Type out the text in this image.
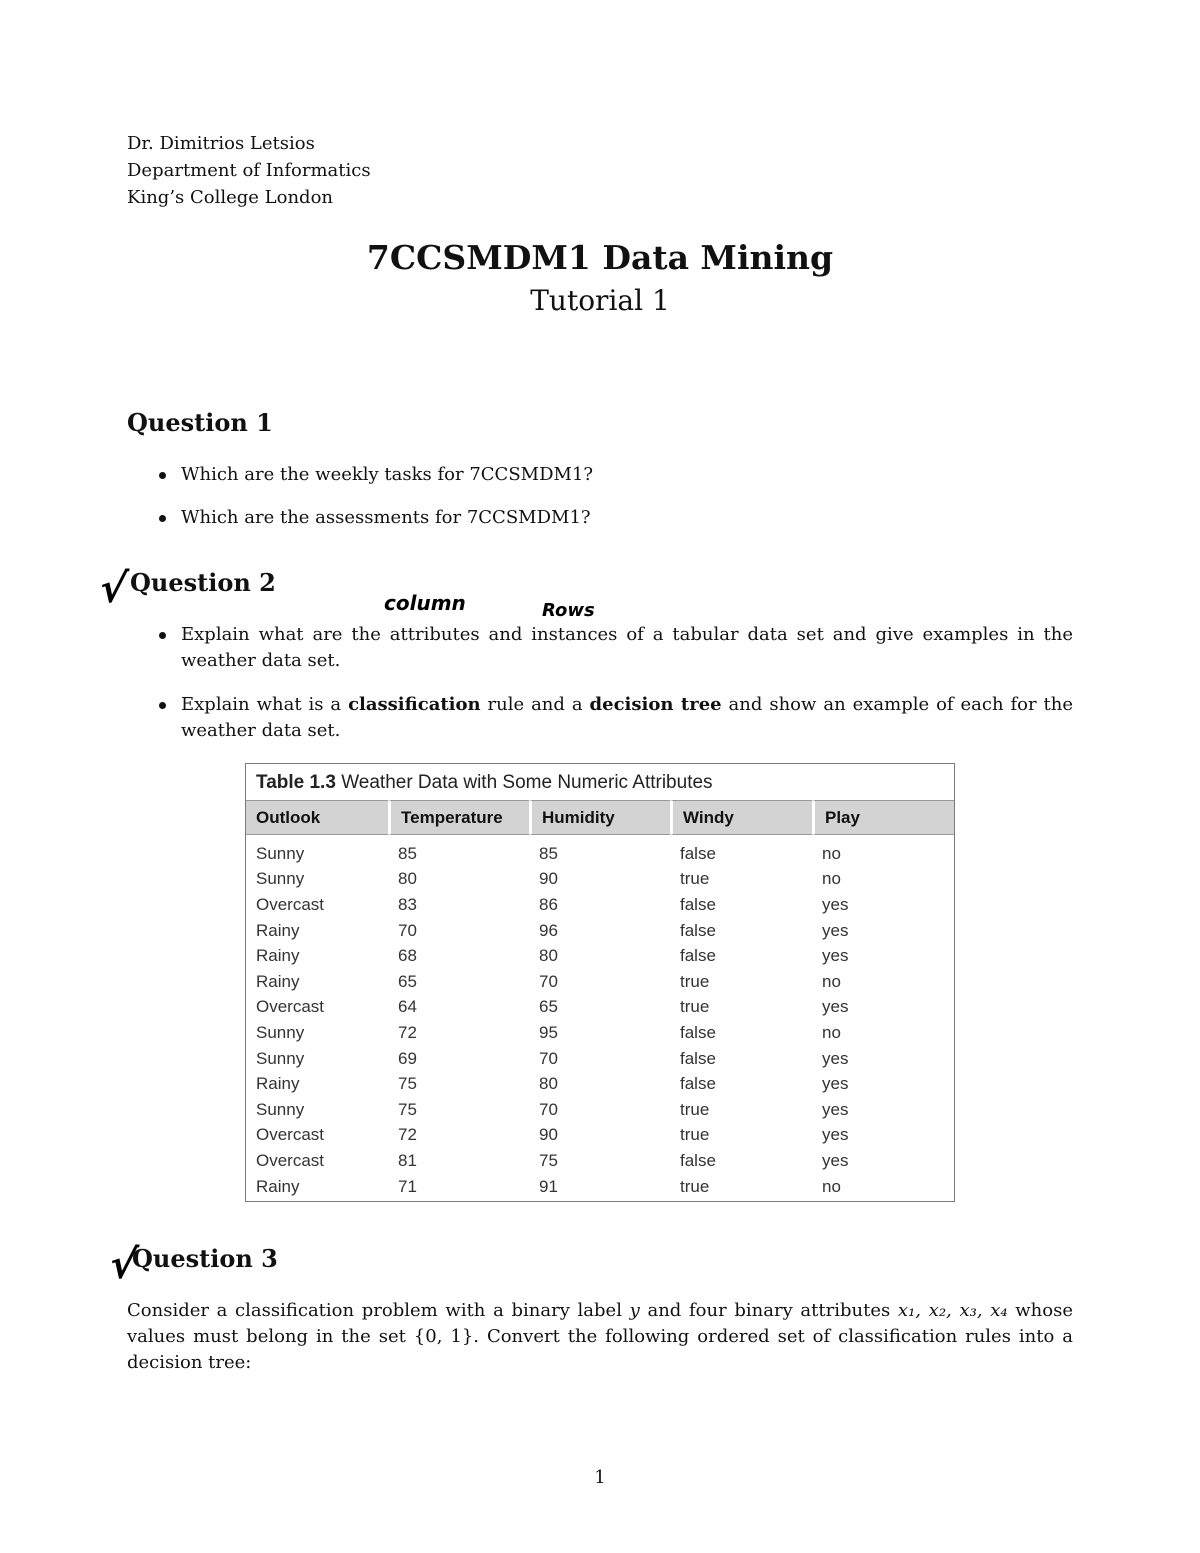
Dr. Dimitrios Letsios
Department of Informatics
King’s College London
7CCSMDM1 Data Mining
Tutorial 1
Question 1
Which are the weekly tasks for 7CCSMDM1?
Which are the assessments for 7CCSMDM1?
√ Question 2
column	Rows
Explain what are the attributes and instances of a tabular data set and give examples in the weather data set.
Explain what is a classification rule and a decision tree and show an example of each for the weather data set.
Table 1.3 Weather Data with Some Numeric Attributes
Outlook	Temperature	Humidity	Windy	Play
Sunny	85	85	false	no
Sunny	80	90	true	no
Overcast	83	86	false	yes
Rainy	70	96	false	yes
Rainy	68	80	false	yes
Rainy	65	70	true	no
Overcast	64	65	true	yes
Sunny	72	95	false	no
Sunny	69	70	false	yes
Rainy	75	80	false	yes
Sunny	75	70	true	yes
Overcast	72	90	true	yes
Overcast	81	75	false	yes
Rainy	71	91	true	no
√
Question 3
Consider a classification problem with a binary label y and four binary attributes x₁, x₂, x₃, x₄ whose values must belong in the set {0, 1}. Convert the following ordered set of classification rules into a decision tree:
1
